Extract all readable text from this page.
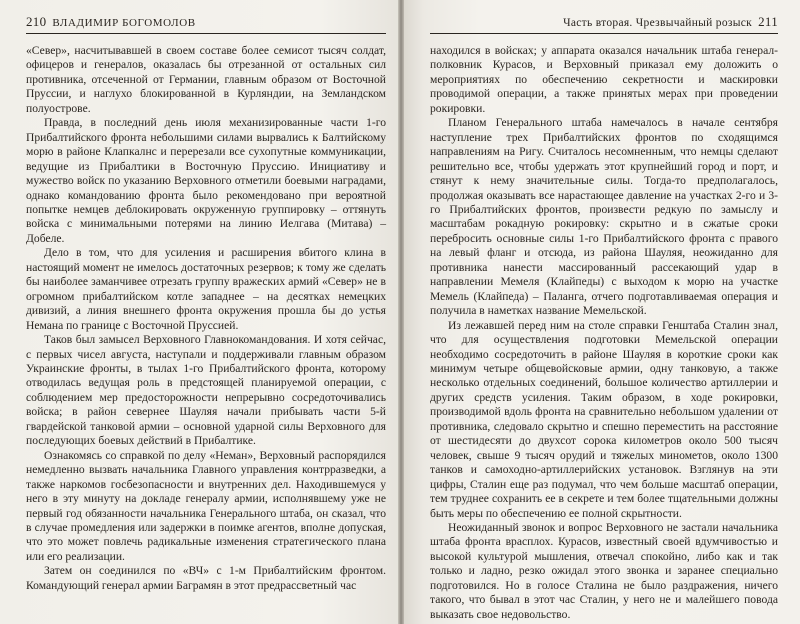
210 ВЛАДИМИР БОГОМОЛОВ

«Север», насчитывавшей в своем составе более семисот тысяч солдат, офицеров и генералов, оказалась бы отрезанной от остальных сил противника, отсеченной от Германии, главным образом от Восточной Пруссии, и наглухо блокированной в Курляндии, на Земландском полуострове.

Правда, в последний день июля механизированные части 1-го Прибалтийского фронта небольшими силами вырвались к Балтийскому морю в районе Клапкалнс и перерезали все сухопутные коммуникации, ведущие из Прибалтики в Восточную Пруссию. Инициативу и мужество войск по указанию Верховного отметили боевыми наградами, однако командованию фронта было рекомендовано при вероятной попытке немцев деблокировать окруженную группировку – оттянуть войска с минимальными потерями на линию Иелгава (Митава) – Добеле.

Дело в том, что для усиления и расширения вбитого клина в настоящий момент не имелось достаточных резервов; к тому же сделать бы наиболее заманчивее отрезать группу вражеских армий «Север» не в огромном прибалтийском котле западнее – на десятках немецких дивизий, а линия внешнего фронта окружения прошла бы до устья Немана по границе с Восточной Пруссией.

Таков был замысел Верховного Главнокомандования. И хотя сейчас, с первых чисел августа, наступали и поддерживали главным образом Украинские фронты, в тылах 1-го Прибалтийского фронта, которому отводилась ведущая роль в предстоящей планируемой операции, с соблюдением мер предосторожности непрерывно сосредоточивались войска; в район севернее Шауляя начали прибывать части 5-й гвардейской танковой армии – основной ударной силы Верховного для последующих боевых действий в Прибалтике.

Ознакомясь со справкой по делу «Неман», Верховный распорядился немедленно вызвать начальника Главного управления контрразведки, а также наркомов госбезопасности и внутренних дел. Находившемуся у него в эту минуту на докладе генералу армии, исполнявшему уже не первый год обязанности начальника Генерального штаба, он сказал, что в случае промедления или задержки в поимке агентов, вполне допуская, что это может повлечь радикальные изменения стратегического плана или его реализации.

Затем он соединился по «ВЧ» с 1-м Прибалтийским фронтом. Командующий генерал армии Баграмян в этот предрассветный час

Часть вторая. Чрезвычайный розыск 211

находился в войсках; у аппарата оказался начальник штаба генерал-полковник Курасов, и Верховный приказал ему доложить о мероприятиях по обеспечению секретности и маскировки проводимой операции, а также принятых мерах при проведении рокировки.

Планом Генерального штаба намечалось в начале сентября наступление трех Прибалтийских фронтов по сходящимся направлениям на Ригу. Считалось несомненным, что немцы сделают решительно все, чтобы удержать этот крупнейший город и порт, и стянут к нему значительные силы. Тогда-то предполагалось, продолжая оказывать все нарастающее давление на участках 2-го и 3-го Прибалтийских фронтов, произвести редкую по замыслу и масштабам рокадную рокировку: скрытно и в сжатые сроки перебросить основные силы 1-го Прибалтийского фронта с правого на левый фланг и отсюда, из района Шауляя, неожиданно для противника нанести массированный рассекающий удар в направлении Мемеля (Клайпеды) с выходом к морю на участке Мемель (Клайпеда) – Паланга, отчего подготавливаемая операция и получила в наметках название Мемельской.

Из лежавшей перед ним на столе справки Генштаба Сталин знал, что для осуществления подготовки Мемельской операции необходимо сосредоточить в районе Шауляя в короткие сроки как минимум четыре общевойсковые армии, одну танковую, а также несколько отдельных соединений, большое количество артиллерии и других средств усиления. Таким образом, в ходе рокировки, производимой вдоль фронта на сравнительно небольшом удалении от противника, следовало скрытно и спешно переместить на расстояние от шестидесяти до двухсот сорока километров около 500 тысяч человек, свыше 9 тысяч орудий и тяжелых минометов, около 1300 танков и самоходно-артиллерийских установок. Взглянув на эти цифры, Сталин еще раз подумал, что чем больше масштаб операции, тем труднее сохранить ее в секрете и тем более тщательными должны быть меры по обеспечению ее полной скрытности.

Неожиданный звонок и вопрос Верховного не застали начальника штаба фронта врасплох. Курасов, известный своей вдумчивостью и высокой культурой мышления, отвечал спокойно, либо как и так только и ладно, резко ожидал этого звонка и заранее специально подготовился. Но в голосе Сталина не было раздражения, ничего такого, что бывал в этот час Сталин, у него не и малейшего повода выказать свое недовольство.
